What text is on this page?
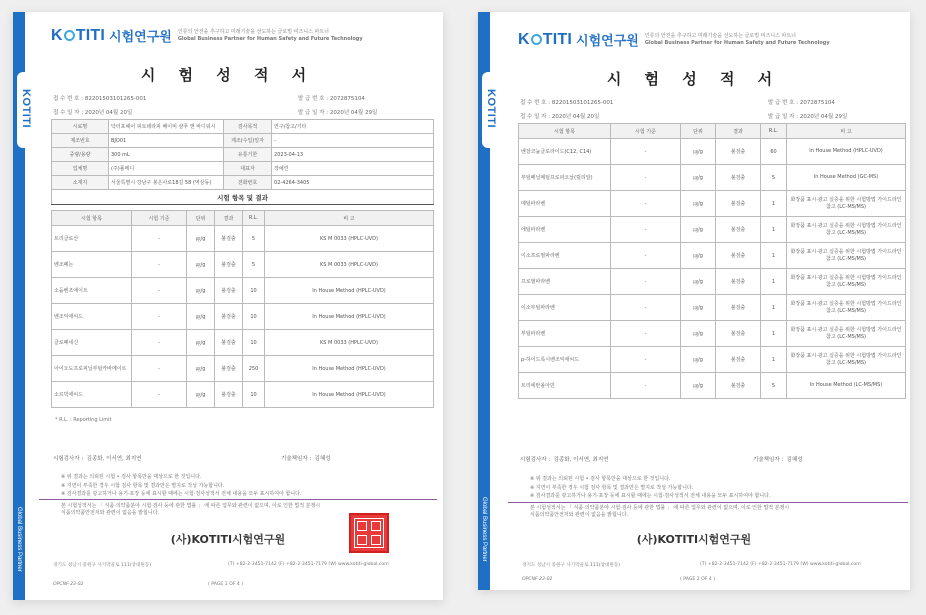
KOTITI
Global Business Partner
K TITI 시험연구원 인류의 안전을 추구하고 미래기술을 선도하는 글로벌 비즈니스 파트너
Global Business Partner for Human Safety and Future Technology
시 험 성 적 서
접 수 번 호 : 82201503101265-001
접 수 일 자 : 2020년 04월 20일
발 급 번 호 : 2072875104
발 급 일 자 : 2020년 04월 29일
시료명	닥터포헤어 피토테라피 베이비 샴푸 앤 바디워시	검사목적	연구/참고/기타
제조번호	BJO01	제조(수입)일자	-
중량/용량	300 mL	유통기한	2023-04-13
업체명	(주)폴메디	대표자	장예린
소재지	서울특별시 강남구 봉은사로18길 58 (역삼동)	전화번호	02-4264-3405
시험 항목 및 결과			
시험 항목	시험 기준	단위	결과	R.L.	비 고
트리클로산	-	㎍/g	불검출	5	KS M 0033 (HPLC-UVD)
벤조페논	-	㎍/g	불검출	5	KS M 0033 (HPLC-UVD)
소듐벤조에이트	-	㎍/g	불검출	10	In House Method (HPLC-UVD)
벤조익애씨드	-	㎍/g	불검출	10	In House Method (HPLC-UVD)
클로페네신	-	㎍/g	불검출	10	KS M 0033 (HPLC-UVD)
아이오도프로피닐부틸카바메이트	-	㎍/g	불검출	250	In House Method (HPLC-UVD)
소르빅애씨드	-	㎍/g	불검출	10	In House Method (HPLC-UVD)
* R.L. : Reporting Limit
시험검사자 : 김종화, 이서연, 최지연	기술책임자 : 김혜성
※ 위 결과는 의뢰된 시험 • 검사 항목만을 대상으로 한 것입니다.
※ 지면이 부족한 경우 시험 검사 항목 및 결과만은 별지로 작성 가능합니다.
※ 검사결과를 광고하거나 용기·포장 등에 표시할 때에는 시험·검사성적서 전체 내용을 모두 표시하여야 합니다.
본 시험성적서는 「 식품·의약품분야 시험·검사 등에 관한 법률 」 에 따른 업무와 관련이 없으며, 이로 인한 법적 분쟁시
식품의약품안전처와 관련이 없음을 밝힙니다.
(사)KOTITI시험연구원
경기도 성남시 중원구 사기막골로 111(상대원동)	(T) +82-2-3451-7142 (F) +82-2-3451-7179 (W) www.kotiti-global.com
OPCNF-23-02	( PAGE 1 OF 4 )
KOTITI
Global Business Partner
K TITI 시험연구원 인류의 안전을 추구하고 미래기술을 선도하는 글로벌 비즈니스 파트너
Global Business Partner for Human Safety and Future Technology
시 험 성 적 서
접 수 번 호 : 82201503101265-001
접 수 일 자 : 2020년 04월 20일
발 급 번 호 : 2072875104
발 급 일 자 : 2020년 04월 29일
시험 항목	시험 기준	단위	결과	R.L.	비 고
벤잘코늄클로라이드(C12, C14)	-	㎍/g	불검출	60	In House Method (HPLC-UVD)
부틸페닐메틸프로피오날(릴리알)	-	㎍/g	불검출	5	In House Method (GC-MS)
메틸파라벤	-	㎍/g	불검출	1	화장품 표시·광고 실증을 위한 시험방법 가이드라인 참고 (LC-MS/MS)
에틸파라벤	-	㎍/g	불검출	1	화장품 표시·광고 실증을 위한 시험방법 가이드라인 참고 (LC-MS/MS)
이소프로필파라벤	-	㎍/g	불검출	1	화장품 표시·광고 실증을 위한 시험방법 가이드라인 참고 (LC-MS/MS)
프로필파라벤	-	㎍/g	불검출	1	화장품 표시·광고 실증을 위한 시험방법 가이드라인 참고 (LC-MS/MS)
이소부틸파라벤	-	㎍/g	불검출	1	화장품 표시·광고 실증을 위한 시험방법 가이드라인 참고 (LC-MS/MS)
부틸파라벤	-	㎍/g	불검출	1	화장품 표시·광고 실증을 위한 시험방법 가이드라인 참고 (LC-MS/MS)
p-하이드록시벤조익애씨드	-	㎍/g	불검출	1	화장품 표시·광고 실증을 위한 시험방법 가이드라인 참고 (LC-MS/MS)
트리에탄올아민	-	㎍/g	불검출	5	In House Method (LC-MS/MS)
시험검사자 : 김종화, 이서연, 최지연	기술책임자 : 김혜성
※ 위 결과는 의뢰된 시험 • 검사 항목만을 대상으로 한 것입니다.
※ 지면이 부족한 경우 시험 검사 항목 및 결과만은 별지로 작성 가능합니다.
※ 검사결과를 광고하거나 용기·포장 등에 표시할 때에는 시험·검사성적서 전체 내용을 모두 표시하여야 합니다.
본 시험성적서는 「 식품·의약품분야 시험·검사 등에 관한 법률 」 에 따른 업무와 관련이 없으며, 이로 인한 법적 분쟁시
식품의약품안전처와 관련이 없음을 밝힙니다.
(사)KOTITI시험연구원
경기도 성남시 중원구 사기막골로 111(상대원동)	(T) +82-2-3451-7142 (F) +82-2-3451-7179 (W) www.kotiti-global.com
OPCNF-23-02	( PAGE 2 OF 4 )
